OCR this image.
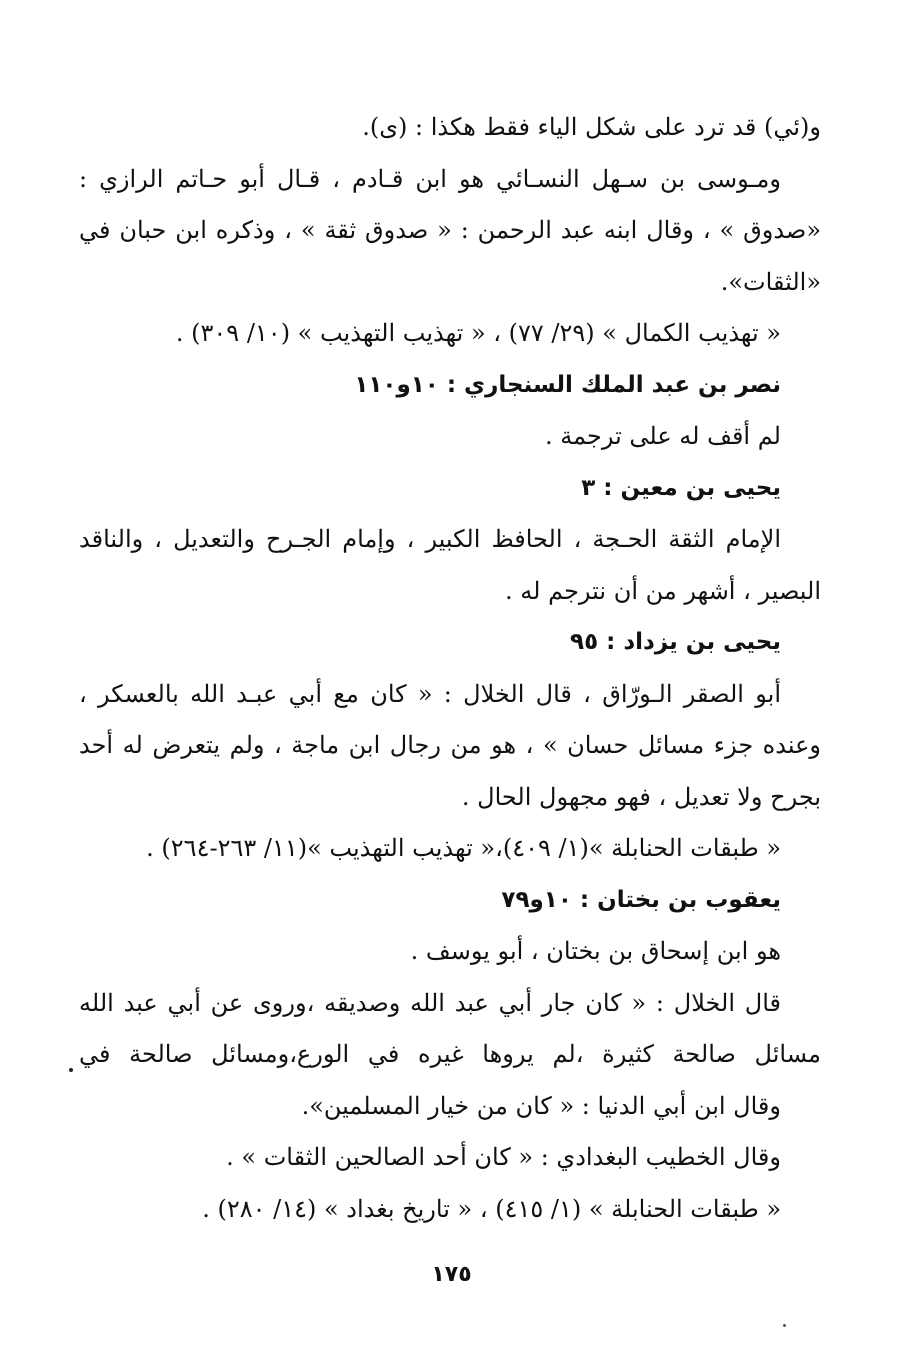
و(ئي) قد ترد على شكل الياء فقط هكذا : (ى).
ومـوسى بن سـهل النسـائي هو ابن قـادم ، قـال أبو حـاتم الرازي :
«صدوق » ، وقال ابنه عبد الرحمن : « صدوق ثقة » ، وذكره ابن حبان في
«الثقات».
« تهذيب الكمال » (٢٩/ ٧٧) ، « تهذيب التهذيب » (١٠/ ٣٠٩) .
نصر بن عبد الملك السنجاري : ١٠و١١٠
لم أقف له على ترجمة .
يحيى بن معين : ٣
الإمام الثقة الحـجة ، الحافظ الكبير ، وإمام الجـرح والتعديل ، والناقد
البصير ، أشهر من أن نترجم له .
يحيى بن يزداد : ٩٥
أبو الصقر الـورّاق ، قال الخلال : « كان مع أبي عبـد الله بالعسكر ،
وعنده جزء مسائل حسان » ، هو من رجال ابن ماجة ، ولم يتعرض له أحد
بجرح ولا تعديل ، فهو مجهول الحال .
« طبقات الحنابلة »(١/ ٤٠٩)،« تهذيب التهذيب »(١١/ ٢٦٣-٢٦٤) .
يعقوب بن بختان : ١٠و٧٩
هو ابن إسحاق بن بختان ، أبو يوسف .
قال الخلال : « كان جار أبي عبد الله وصديقه ،وروى عن أبي عبد الله
مسائل صالحة كثيرة ،لم يروها غيره في الورع،ومسائل صالحة في
وقال ابن أبي الدنيا : « كان من خيار المسلمين».
وقال الخطيب البغدادي : « كان أحد الصالحين الثقات » .
« طبقات الحنابلة » (١/ ٤١٥) ، « تاريخ بغداد » (١٤/ ٢٨٠) .
١٧٥
